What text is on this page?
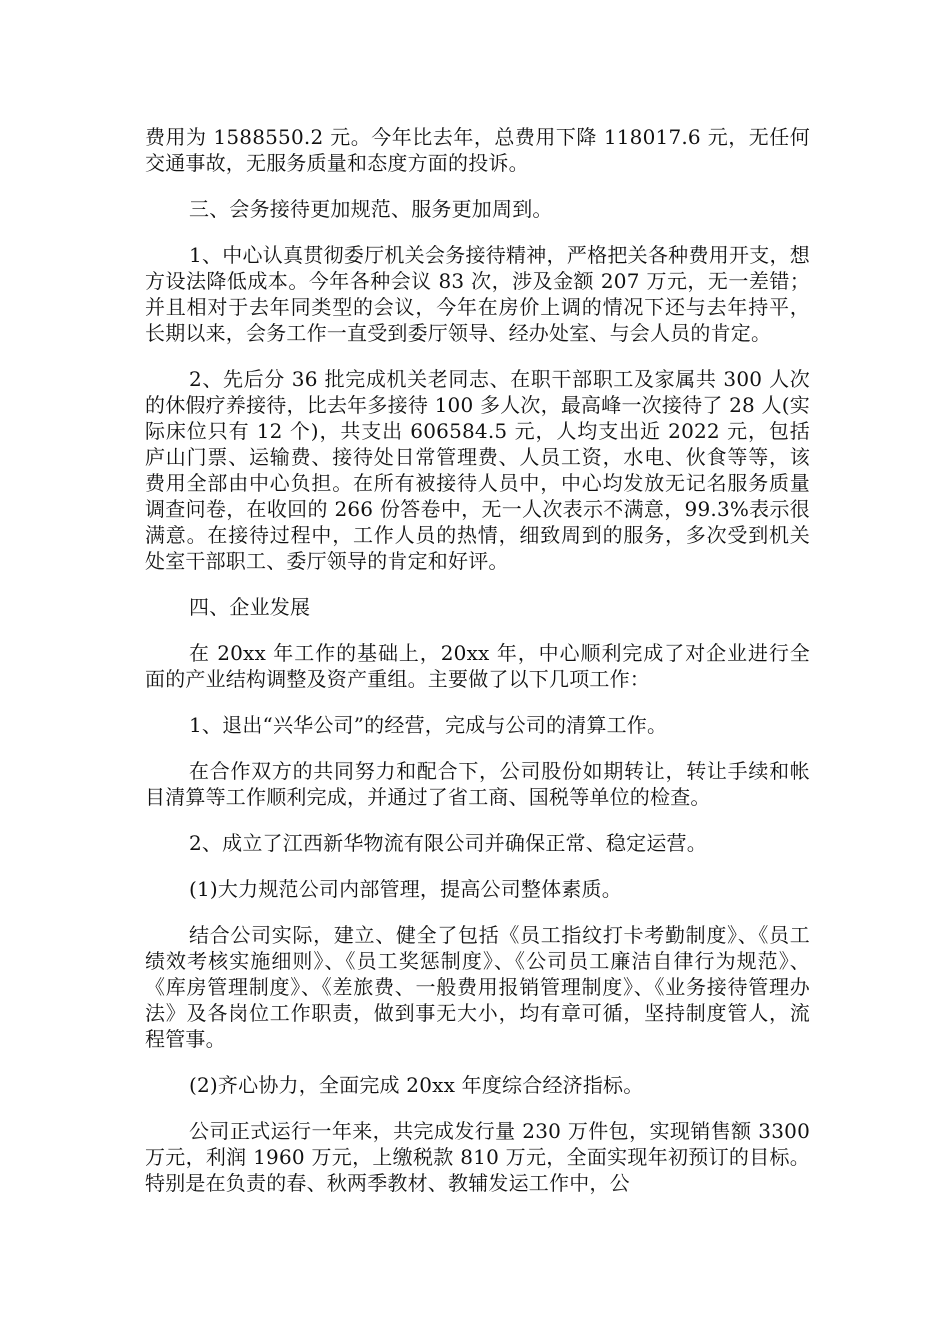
费用为 1588550.2 元。今年比去年，总费用下降 118017.6 元，无任何交通事故，无服务质量和态度方面的投诉。

三、会务接待更加规范、服务更加周到。

1、中心认真贯彻委厅机关会务接待精神，严格把关各种费用开支，想方设法降低成本。今年各种会议 83 次，涉及金额 207 万元，无一差错；并且相对于去年同类型的会议，今年在房价上调的情况下还与去年持平，长期以来，会务工作一直受到委厅领导、经办处室、与会人员的肯定。

2、先后分 36 批完成机关老同志、在职干部职工及家属共 300 人次的休假疗养接待，比去年多接待 100 多人次，最高峰一次接待了 28 人(实际床位只有 12 个)，共支出 606584.5 元，人均支出近 2022 元，包括庐山门票、运输费、接待处日常管理费、人员工资，水电、伙食等等，该费用全部由中心负担。在所有被接待人员中，中心均发放无记名服务质量调查问卷，在收回的 266 份答卷中，无一人次表示不满意，99.3%表示很满意。在接待过程中，工作人员的热情，细致周到的服务，多次受到机关处室干部职工、委厅领导的肯定和好评。

四、企业发展

在 20xx 年工作的基础上，20xx 年，中心顺利完成了对企业进行全面的产业结构调整及资产重组。主要做了以下几项工作：

1、退出“兴华公司”的经营，完成与公司的清算工作。

在合作双方的共同努力和配合下，公司股份如期转让，转让手续和帐目清算等工作顺利完成，并通过了省工商、国税等单位的检查。

2、成立了江西新华物流有限公司并确保正常、稳定运营。

(1)大力规范公司内部管理，提高公司整体素质。

结合公司实际，建立、健全了包括《员工指纹打卡考勤制度》、《员工绩效考核实施细则》、《员工奖惩制度》、《公司员工廉洁自律行为规范》、《库房管理制度》、《差旅费、一般费用报销管理制度》、《业务接待管理办法》及各岗位工作职责，做到事无大小，均有章可循，坚持制度管人，流程管事。

(2)齐心协力，全面完成 20xx 年度综合经济指标。

公司正式运行一年来，共完成发行量 230 万件包，实现销售额 3300 万元，利润 1960 万元，上缴税款 810 万元，全面实现年初预订的目标。特别是在负责的春、秋两季教材、教辅发运工作中，公
